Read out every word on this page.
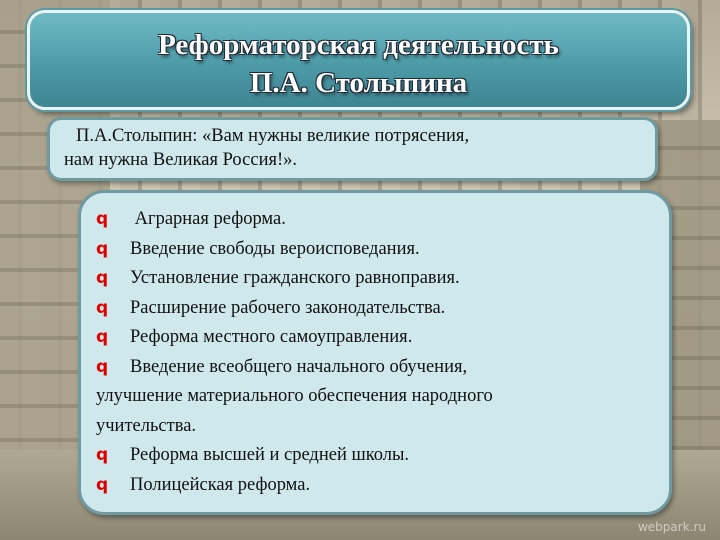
Реформаторская деятельность
П.А. Столыпина
П.А.Столыпин: «Вам нужны великие потрясения,
нам нужна Великая Россия!».
q Аграрная реформа.
q Введение свободы вероисповедания.
q Установление гражданского равноправия.
q Расширение рабочего законодательства.
q Реформа местного самоуправления.
q Введение всеобщего начального обучения,
улучшение материального обеспечения народного
учительства.
q Реформа высшей и средней школы.
q Полицейская реформа.
webpark.ru
